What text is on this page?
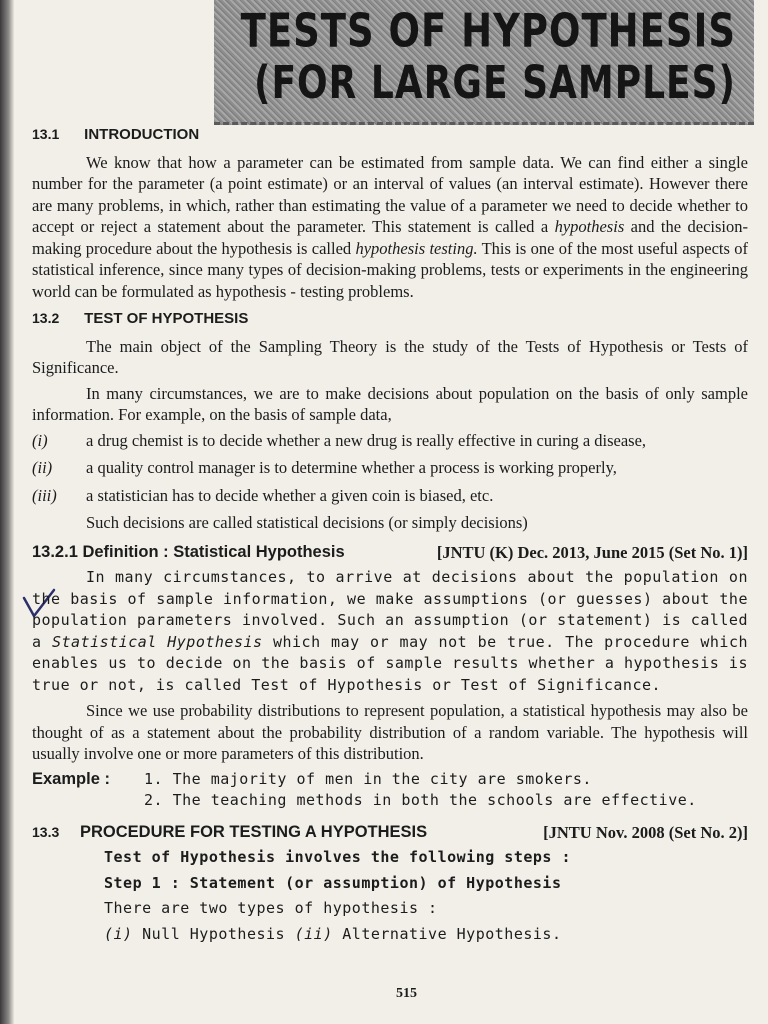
TESTS OF HYPOTHESIS
(FOR LARGE SAMPLES)
13.1 INTRODUCTION

We know that how a parameter can be estimated from sample data. We can find either a single number for the parameter (a point estimate) or an interval of values (an interval estimate). However there are many problems, in which, rather than estimating the value of a parameter we need to decide whether to accept or reject a statement about the parameter. This statement is called a hypothesis and the decision-making procedure about the hypothesis is called hypothesis testing. This is one of the most useful aspects of statistical inference, since many types of decision-making problems, tests or experiments in the engineering world can be formulated as hypothesis - testing problems.

13.2 TEST OF HYPOTHESIS

The main object of the Sampling Theory is the study of the Tests of Hypothesis or Tests of Significance.

In many circumstances, we are to make decisions about population on the basis of only sample information. For example, on the basis of sample data,

(i)	a drug chemist is to decide whether a new drug is really effective in curing a disease,
(ii)	a quality control manager is to determine whether a process is working properly,
(iii)	a statistician has to decide whether a given coin is biased, etc.

Such decisions are called statistical decisions (or simply decisions)

13.2.1 Definition : Statistical Hypothesis	[JNTU (K) Dec. 2013, June 2015 (Set No. 1)]

In many circumstances, to arrive at decisions about the population on the basis of sample information, we make assumptions (or guesses) about the population parameters involved. Such an assumption (or statement) is called a Statistical Hypothesis which may or may not be true. The procedure which enables us to decide on the basis of sample results whether a hypothesis is true or not, is called Test of Hypothesis or Test of Significance.

Since we use probability distributions to represent population, a statistical hypothesis may also be thought of as a statement about the probability distribution of a random variable. The hypothesis will usually involve one or more parameters of this distribution.

Example :	1. The majority of men in the city are smokers.
2. The teaching methods in both the schools are effective.
13.3 PROCEDURE FOR TESTING A HYPOTHESIS	[JNTU Nov. 2008 (Set No. 2)]

Test of Hypothesis involves the following steps :

Step 1 : Statement (or assumption) of Hypothesis

There are two types of hypothesis :

(i) Null Hypothesis (ii) Alternative Hypothesis.

515
